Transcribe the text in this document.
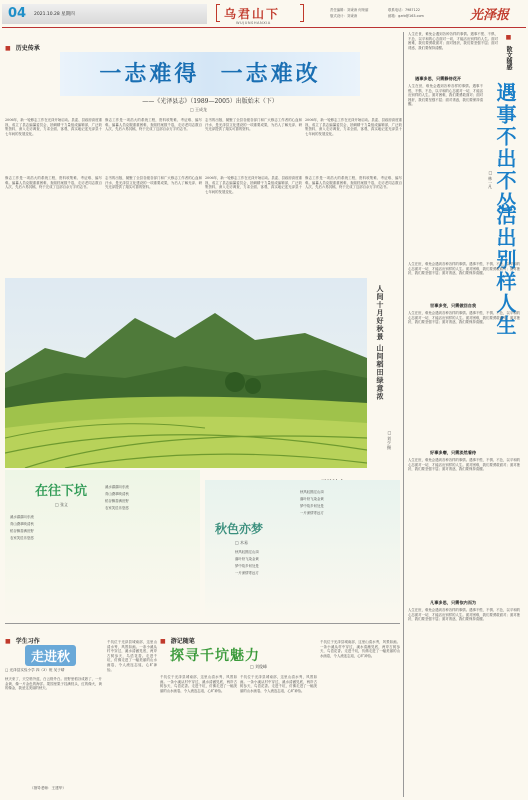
04 2021.10.28 星期四	乌君山下
WUJUNSHANXIA
责任编辑：刘秉涛 何荣丽
版式设计：刘秉涛
联系电话：7987122
邮箱：gzrb@163.com	光泽报
■ 历史传承
一志难得  一志难改
——《光泽县志》（1989—2005）出版始末（下）
□ 王成龙
2006年，新一轮修志工作在光泽开始启动。县委、县政府高度重视，成立了县志编纂委员会，抽调精干力量组成编辑部，广泛收集资料，深入走访调查，力求全面、客观、真实地记述光泽县十七年间的发展变化。
修志工作是一项浩大的系统工程，资料收集难、考证难、编写难。编纂人员克服重重困难，查阅档案数千卷，走访老同志数百人次，先后六易其稿，终于完成了这部百余万字的志书。
志书的出版，凝聚了全县各级各部门和广大修志工作者的心血和汗水，是光泽县文化建设的一项重要成果，为后人了解光泽、研究光泽提供了翔实可靠的资料。
2006年，新一轮修志工作在光泽开始启动。县委、县政府高度重视，成立了县志编纂委员会，抽调精干力量组成编辑部，广泛收集资料，深入走访调查，力求全面、客观、真实地记述光泽县十七年间的发展变化。
修志工作是一项浩大的系统工程，资料收集难、考证难、编写难。编纂人员克服重重困难，查阅档案数千卷，走访老同志数百人次，先后六易其稿，终于完成了这部百余万字的志书。
志书的出版，凝聚了全县各级各部门和广大修志工作者的心血和汗水，是光泽县文化建设的一项重要成果，为后人了解光泽、研究光泽提供了翔实可靠的资料。
2006年，新一轮修志工作在光泽开始启动。县委、县政府高度重视，成立了县志编纂委员会，抽调精干力量组成编辑部，广泛收集资料，深入走访调查，力求全面、客观、真实地记述光泽县十七年间的发展变化。
修志工作是一项浩大的系统工程，资料收集难、考证难、编写难。编纂人员克服重重困难，查阅档案数千卷，走访老同志数百人次，先后六易其稿，终于完成了这部百余万字的志书。
人间十月好秋景 山间稻田绿意浓
□ 刘少 摄
在往下坑
□ 张义
溪水潺潺向东流
青山叠翠映清秋
稻谷飘香满田野
农家笑语乐悠悠
溪水潺潺向东流
青山叠翠映清秋
稻谷飘香满田野
农家笑语乐悠悠
秋色亦梦
□ 木易
秋风轻拂过山岗
落叶纷飞染金黄
梦中故乡何处是
一片深情寄远方
秋风轻拂过山岗
落叶纷飞染金黄
梦中故乡何处是
一片深情寄远方
■ 学生习作
走进秋
□ 光泽县实验小学 四（3）班 吴子晴
秋天来了，天空格外蓝，白云格外白。田野里稻谷成熟了，一片金黄，像一片金色的海洋。果园里果子挂满枝头，红的像火，黄的像金，我爱这美丽的秋天。
（指导老师：王建华）
千坑位于光泽县城南部，这里山清水秀，风景如画。一条小溪从村中穿过，溪水清澈见底，两岸古树参天，鸟语花香。走进千坑，仿佛走进了一幅美丽的山水画卷，令人流连忘返，心旷神怡。
■ 游记随笔
探寻千坑魅力
□ 刘俊峰
千坑位于光泽县城南部，这里山清水秀，风景如画。一条小溪从村中穿过，溪水清澈见底，两岸古树参天，鸟语花香。走进千坑，仿佛走进了一幅美丽的山水画卷，令人流连忘返，心旷神怡。
千坑位于光泽县城南部，这里山清水秀，风景如画。一条小溪从村中穿过，溪水清澈见底，两岸古树参天，鸟语花香。走进千坑，仿佛走进了一幅美丽的山水画卷，令人流连忘返，心旷神怡。
千坑位于光泽县城南部，这里山清水秀，风景如画。一条小溪从村中穿过，溪水清澈见底，两岸古树参天，鸟语花香。走进千坑，仿佛走进了一幅美丽的山水画卷，令人流连忘返，心旷神怡。
人生在世，难免会遇到各种各样的事情。遇事不慌、不惧、不怂，以平和的心态面对一切，才能活出别样的人生。面对困难，我们要勇敢面对；面对挫折，我们要坚强不屈；面对诱惑，我们要保持清醒。
■ 散文随感
遇事不出不怂
活出别样人生
□ 林一凡
遇事多思，只需静待花开
人生在世，难免会遇到各种各样的事情。遇事不慌、不惧、不怂，以平和的心态面对一切，才能活出别样的人生。面对困难，我们要勇敢面对；面对挫折，我们要坚强不屈；面对诱惑，我们要保持清醒。
世事多变，只需做回自我
人生在世，难免会遇到各种各样的事情。遇事不慌、不惧、不怂，以平和的心态面对一切，才能活出别样的人生。面对困难，我们要勇敢面对；面对挫折，我们要坚强不屈；面对诱惑，我们要保持清醒。
人生在世，难免会遇到各种各样的事情。遇事不慌、不惧、不怂，以平和的心态面对一切，才能活出别样的人生。面对困难，我们要勇敢面对；面对挫折，我们要坚强不屈；面对诱惑，我们要保持清醒。
好事多磨，只需淡然看待
人生在世，难免会遇到各种各样的事情。遇事不慌、不惧、不怂，以平和的心态面对一切，才能活出别样的人生。面对困难，我们要勇敢面对；面对挫折，我们要坚强不屈；面对诱惑，我们要保持清醒。
凡事多思，只需依内而为
人生在世，难免会遇到各种各样的事情。遇事不慌、不惧、不怂，以平和的心态面对一切，才能活出别样的人生。面对困难，我们要勇敢面对；面对挫折，我们要坚强不屈；面对诱惑，我们要保持清醒。
